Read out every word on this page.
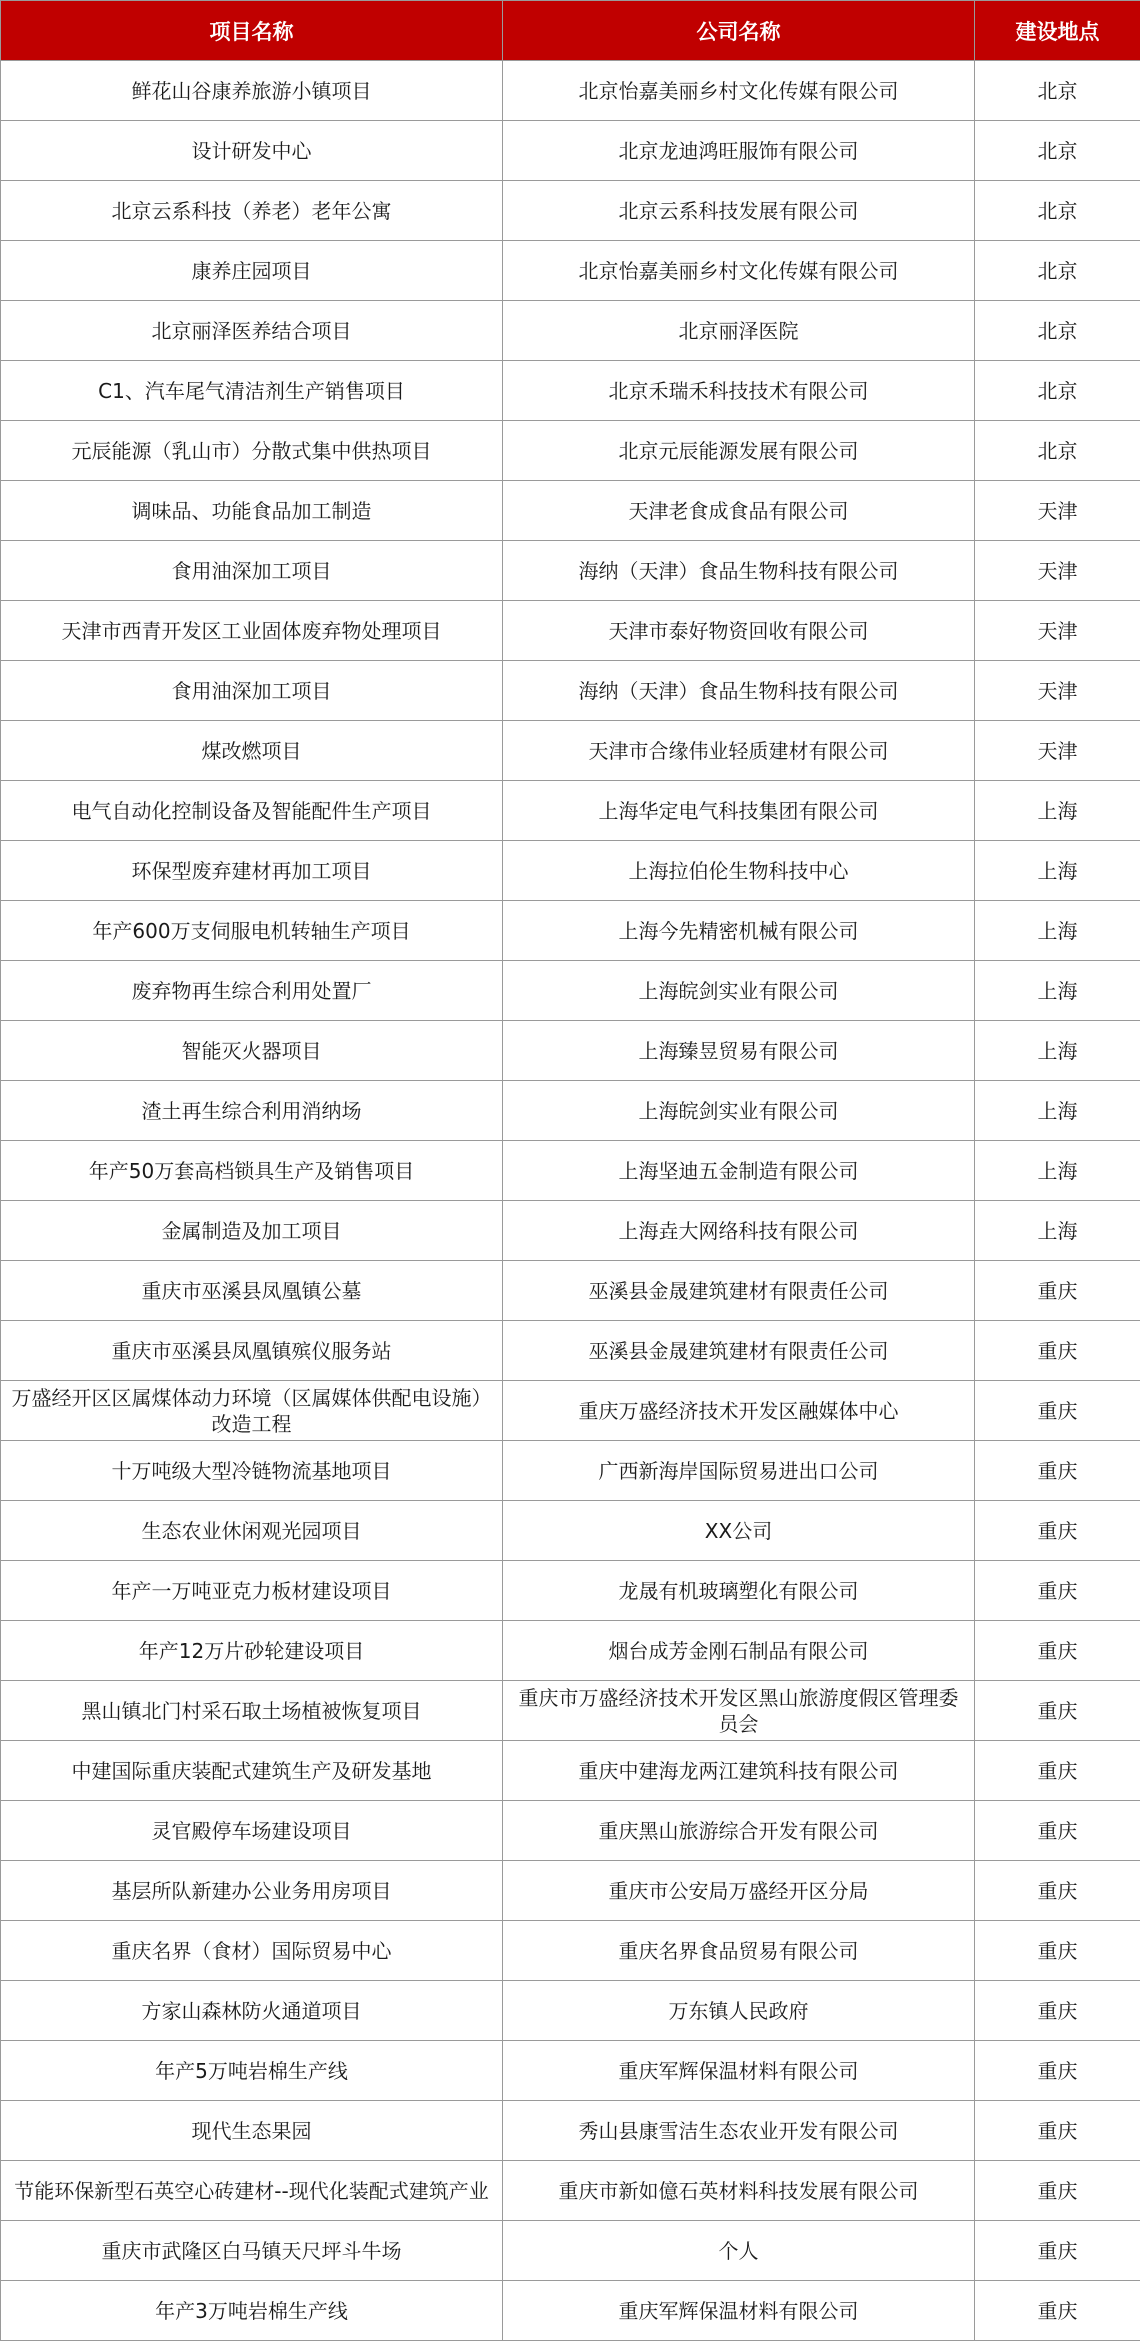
项目名称	公司名称	建设地点
鲜花山谷康养旅游小镇项目	北京怡嘉美丽乡村文化传媒有限公司	北京
设计研发中心	北京龙迪鸿旺服饰有限公司	北京
北京云系科技（养老）老年公寓	北京云系科技发展有限公司	北京
康养庄园项目	北京怡嘉美丽乡村文化传媒有限公司	北京
北京丽泽医养结合项目	北京丽泽医院	北京
C1、汽车尾气清洁剂生产销售项目	北京禾瑞禾科技技术有限公司	北京
元辰能源（乳山市）分散式集中供热项目	北京元辰能源发展有限公司	北京
调味品、功能食品加工制造	天津老食成食品有限公司	天津
食用油深加工项目	海纳（天津）食品生物科技有限公司	天津
天津市西青开发区工业固体废弃物处理项目	天津市泰好物资回收有限公司	天津
食用油深加工项目	海纳（天津）食品生物科技有限公司	天津
煤改燃项目	天津市合缘伟业轻质建材有限公司	天津
电气自动化控制设备及智能配件生产项目	上海华定电气科技集团有限公司	上海
环保型废弃建材再加工项目	上海拉伯伦生物科技中心	上海
年产600万支伺服电机转轴生产项目	上海今先精密机械有限公司	上海
废弃物再生综合利用处置厂	上海皖剑实业有限公司	上海
智能灭火器项目	上海臻昱贸易有限公司	上海
渣土再生综合利用消纳场	上海皖剑实业有限公司	上海
年产50万套高档锁具生产及销售项目	上海坚迪五金制造有限公司	上海
金属制造及加工项目	上海垚大网络科技有限公司	上海
重庆市巫溪县凤凰镇公墓	巫溪县金晟建筑建材有限责任公司	重庆
重庆市巫溪县凤凰镇殡仪服务站	巫溪县金晟建筑建材有限责任公司	重庆
万盛经开区区属煤体动力环境（区属媒体供配电设施）改造工程	重庆万盛经济技术开发区融媒体中心	重庆
十万吨级大型冷链物流基地项目	广西新海岸国际贸易进出口公司	重庆
生态农业休闲观光园项目	XX公司	重庆
年产一万吨亚克力板材建设项目	龙晟有机玻璃塑化有限公司	重庆
年产12万片砂轮建设项目	烟台成芳金刚石制品有限公司	重庆
黑山镇北门村采石取土场植被恢复项目	重庆市万盛经济技术开发区黑山旅游度假区管理委员会	重庆
中建国际重庆装配式建筑生产及研发基地	重庆中建海龙两江建筑科技有限公司	重庆
灵官殿停车场建设项目	重庆黑山旅游综合开发有限公司	重庆
基层所队新建办公业务用房项目	重庆市公安局万盛经开区分局	重庆
重庆名界（食材）国际贸易中心	重庆名界食品贸易有限公司	重庆
方家山森林防火通道项目	万东镇人民政府	重庆
年产5万吨岩棉生产线	重庆军辉保温材料有限公司	重庆
现代生态果园	秀山县康雪洁生态农业开发有限公司	重庆
节能环保新型石英空心砖建材--现代化装配式建筑产业	重庆市新如億石英材料科技发展有限公司	重庆
重庆市武隆区白马镇天尺坪斗牛场	个人	重庆
年产3万吨岩棉生产线	重庆军辉保温材料有限公司	重庆
